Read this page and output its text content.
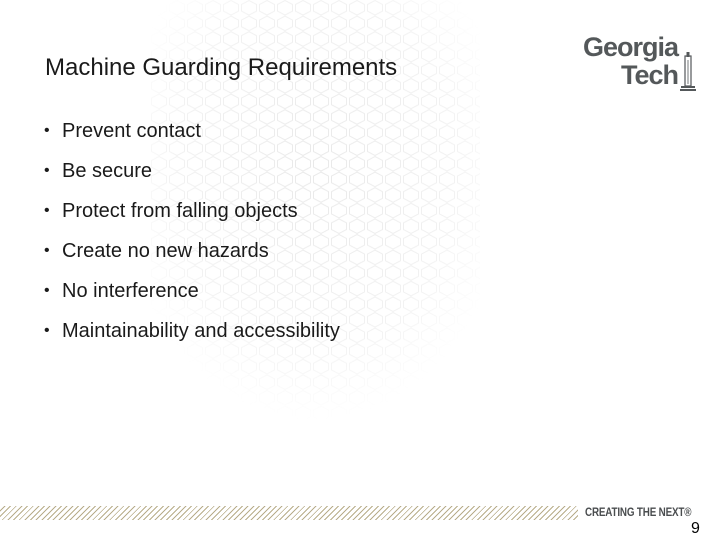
Machine Guarding Requirements
Georgia
Tech
• Prevent contact
• Be secure
• Protect from falling objects
• Create no new hazards
• No interference
• Maintainability and accessibility
CREATING THE NEXT®
9
